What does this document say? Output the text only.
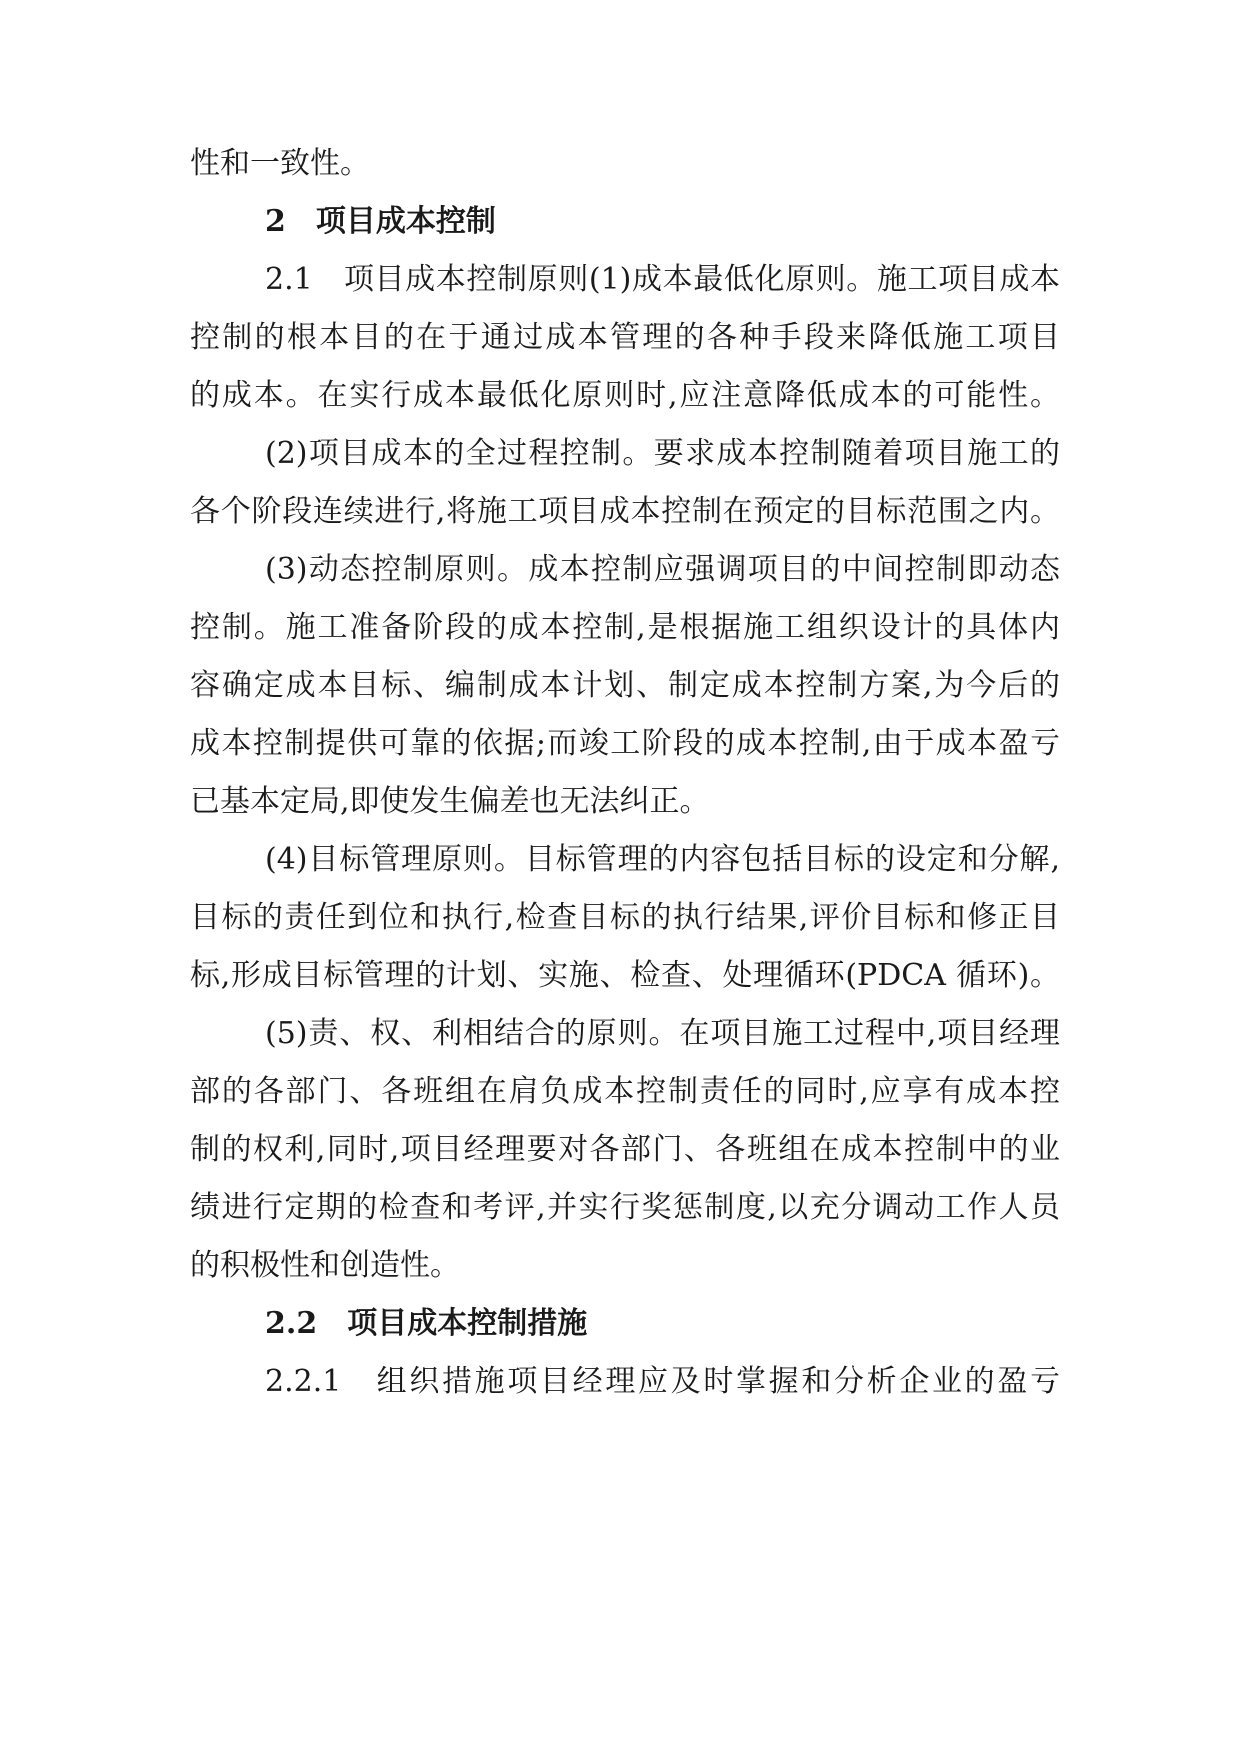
性和一致性。
2　项目成本控制
2.1　项目成本控制原则(1)成本最低化原则。施工项目成本
控制的根本目的在于通过成本管理的各种手段来降低施工项目
的成本。在实行成本最低化原则时,应注意降低成本的可能性。
(2)项目成本的全过程控制。要求成本控制随着项目施工的
各个阶段连续进行,将施工项目成本控制在预定的目标范围之内。
(3)动态控制原则。成本控制应强调项目的中间控制即动态
控制。施工准备阶段的成本控制,是根据施工组织设计的具体内
容确定成本目标、编制成本计划、制定成本控制方案,为今后的
成本控制提供可靠的依据;而竣工阶段的成本控制,由于成本盈亏
已基本定局,即使发生偏差也无法纠正。
(4)目标管理原则。目标管理的内容包括目标的设定和分解,
目标的责任到位和执行,检查目标的执行结果,评价目标和修正目
标,形成目标管理的计划、实施、检查、处理循环(PDCA 循环)。
(5)责、权、利相结合的原则。在项目施工过程中,项目经理
部的各部门、各班组在肩负成本控制责任的同时,应享有成本控
制的权利,同时,项目经理要对各部门、各班组在成本控制中的业
绩进行定期的检查和考评,并实行奖惩制度,以充分调动工作人员
的积极性和创造性。
2.2　项目成本控制措施
2.2.1　组织措施项目经理应及时掌握和分析企业的盈亏
